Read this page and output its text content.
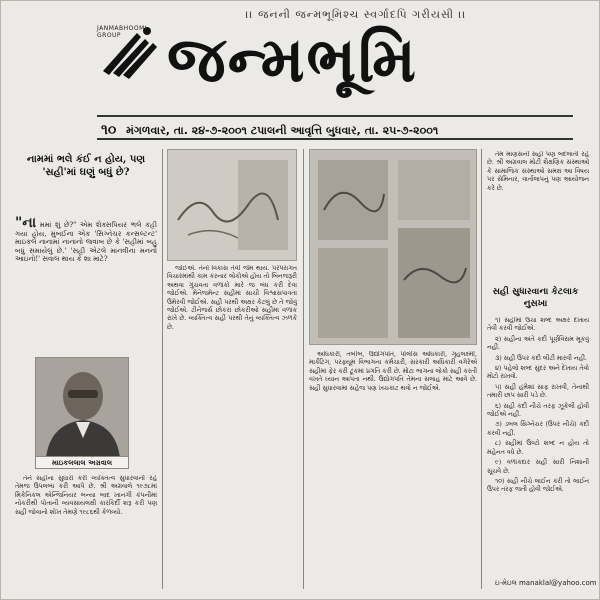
।। જનની જન્મભૂમિશ્ચ સ્વર્ગાદપિ ગરીયસી ।।
JANMABHOOMI GROUP જન્મભૂમિ
૧૦ મંગળવાર, તા. ૨૪-૭-૨૦૦૧ ટપાલની આવૃત્તિ બુધવાર, તા. ૨૫-૭-૨૦૦૧
નામમાં ભલે કંઈ ન હોય, પણ 'સહી'માં ઘણું બધું છે?
"ના મમાં શું છે?" એમ શેક્સપિયર ભલે કહી ગયા હોય, મુંબઈના એક 'સિગ્નેચર કન્સલ્ટન્ટ' માઇકલે નાનામાં નાનાનો જવાબ છે કે 'સહીમાં બહુ બધું સમાયેલું છે.' 'સહી એટલે માનવીના મનનો આઇનો!' સવાલ થાય કે શા માટે?
માઇકલલાલ અગ્રવાલ

તેને સહીના સુધારો કરી વ્યક્તિત્વ સુધારવાની રહે તેમજ ઉપલબ્ધ કરી આપે છે. શ્રી અગ્રવાલે ૧૯૭૮માં મિકેનિકલ એન્જિનિયર બન્યા બાદ ખાનગી કંપનીમાં નોકરીથી પોતાની વ્યવસાયલક્ષી કારકિર્દી શરૂ કરી પણ સહી જોવાનો શોખ તેમણે ૧૯૮૬થી કેળવ્યો.

જોઈએ. તેનો વિકાસ તેવી જેમ થાય. પરંપરાગત વિચારમાંથી કામ કરનાર લોકોએ હોય તો બિનજરૂરી અથવા ગુંચવતા વળાંકો મારે જ બંધ કરી દેવા જોઈએ. મેનેજમેન્ટ સહીમાં સાચી વિશ્વાસપાત્રતા ઉમેરવી જોઈએ. સહી પરથી અક્ષર કેટલું છે તે જોવું જોઈએ. ટીનેજર્સ છોકરા છોકરીઓ સહીમાં વળાંક રાખે છે. વ્યક્તિત્વ સહી પરથી તેનું વ્યક્તિત્વ ઝળકે છે.

અધિકારી, તબીબ, ઉદ્યોગપતિ, પોલીસ અધિકારી, ગૃહલક્ષ્મી, માર્કેટિંગ, પરફ્યૂમ વિભાગના કર્મચારી, સરકારી અધિકારી વગેરેએ સહીમાં ફેર કરી ટૂંકમાં પ્રગતિ કરી છે. મોટા ભાગના લોકો સહી કરતી વખતે ધ્યાન આપતા નથી. ઉદ્યોગપતિ તેમના સલાહ માટે આવે છે. સહી સુધારવામાં સહેજ પણ ખચકાટ થવો ન જોઈએ.

તેમ માણસની સહી પણ બદલાતી રહે છે. શ્રી અગ્રવાલ મોટી શૈક્ષણિક સંસ્થાઓ કે સામાજિક સંસ્થાઓ સમક્ષ આ વિષય પર સેમિનાર, વાર્તાલાપનું પણ આયોજન કરે છે.

સહી સુધારવાના કેટલાક નુસખા

૧) સહીમાં ઉંચા શબ્દ અક્ષર દેખાય તેવી કરવી જોઈએ.

૨) સહીના અંતે કદી પૂર્ણવિરામ મૂકવું નહીં.

૩) સહી ઉપર કદી લીટી મારવી નહીં.

૪) પહેલો શબ્દ સુંદર અને દેખાય તેવો મોટો રાખવો.

૫) સહી હંમેશાં સાફ રાખવી, તેનાથી તમારી છાપ સારી પડે છે.

૬) સહી કદી નીચે તરફ ઝૂકેલી હોવી જોઈએ નહીં.

૭) ડબલ સિગ્નેચર (ઉપર નીચે) કદી કરવી નહીં.

૮) સહીમાં ઉલ્ટો શબ્દ ન હોય તો મહેનત વધે છે.

૯) વળાંકદાર સહી સારી નિશાની સૂચવે છે.

૧૦) સહી નીચે લાઈન કરી તો લાઈન ઉપર તરફ જતી હોવી જોઈએ.

ઇ-મેઇલ manaklal@yahoo.com
